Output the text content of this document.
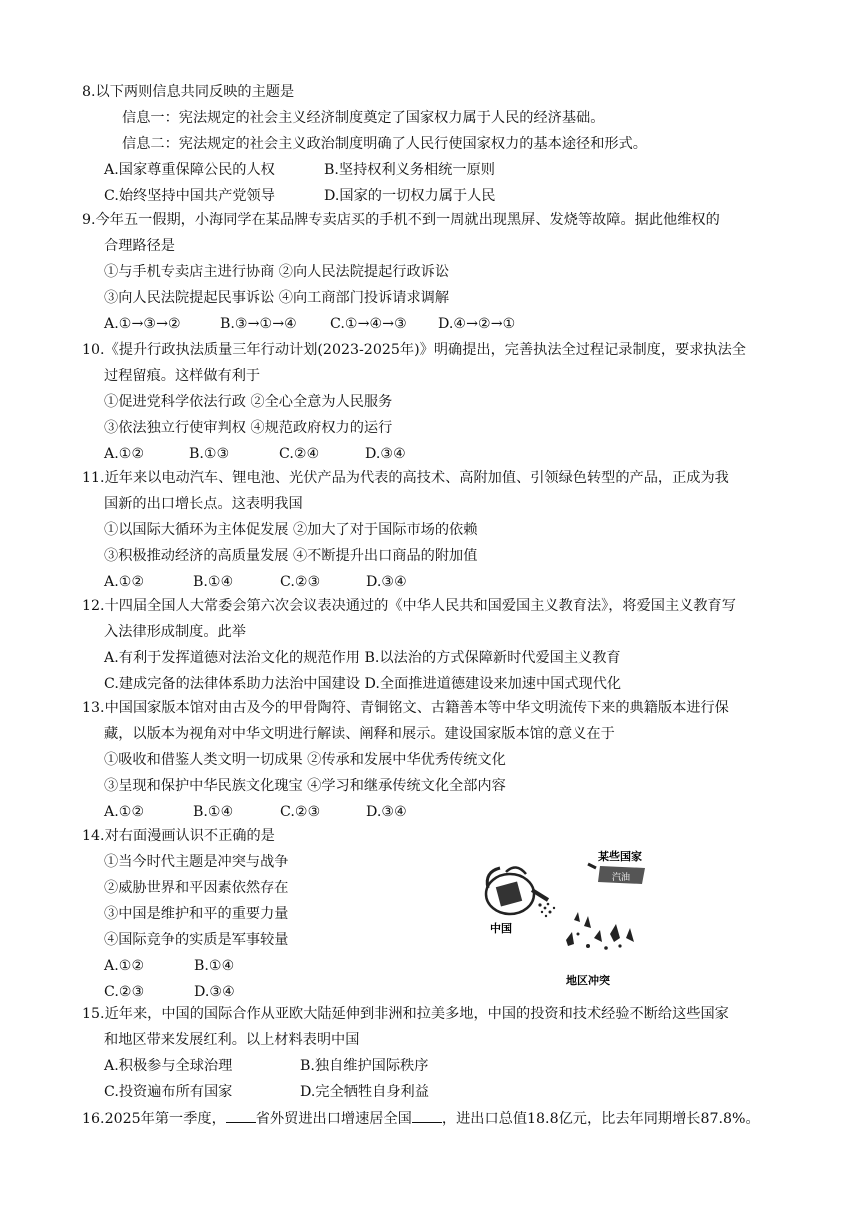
8.以下两则信息共同反映的主题是
信息一：宪法规定的社会主义经济制度奠定了国家权力属于人民的经济基础。
信息二：宪法规定的社会主义政治制度明确了人民行使国家权力的基本途径和形式。
A.国家尊重保障公民的人权	B.坚持权利义务相统一原则
C.始终坚持中国共产党领导	D.国家的一切权力属于人民
9.今年五一假期，小海同学在某品牌专卖店买的手机不到一周就出现黑屏、发烧等故障。据此他维权的
合理路径是
①与手机专卖店主进行协商 ②向人民法院提起行政诉讼
③向人民法院提起民事诉讼 ④向工商部门投诉请求调解
A.①→③→②	B.③→①→④ C.①→④→③ D.④→②→①
10.《提升行政执法质量三年行动计划(2023-2025年)》明确提出，完善执法全过程记录制度，要求执法全
过程留痕。这样做有利于
①促进党科学依法行政 ②全心全意为人民服务
③依法独立行使审判权 ④规范政府权力的运行
A.①②	B.①③	C.②④	D.③④
11.近年来以电动汽车、锂电池、光伏产品为代表的高技术、高附加值、引领绿色转型的产品，正成为我
国新的出口增长点。这表明我国
①以国际大循环为主体促发展 ②加大了对于国际市场的依赖
③积极推动经济的高质量发展 ④不断提升出口商品的附加值
A.①②	B.①④	C.②③	D.③④
12.十四届全国人大常委会第六次会议表决通过的《中华人民共和国爱国主义教育法》，将爱国主义教育写
入法律形成制度。此举
A.有利于发挥道德对法治文化的规范作用 B.以法治的方式保障新时代爱国主义教育
C.建成完备的法律体系助力法治中国建设 D.全面推进道德建设来加速中国式现代化
13.中国国家版本馆对由古及今的甲骨陶符、青铜铭文、古籍善本等中华文明流传下来的典籍版本进行保
藏，以版本为视角对中华文明进行解读、阐释和展示。建设国家版本馆的意义在于
①吸收和借鉴人类文明一切成果 ②传承和发展中华优秀传统文化
③呈现和保护中华民族文化瑰宝 ④学习和继承传统文化全部内容
A.①②	B.①④	C.②③	D.③④
14.对右面漫画认识不正确的是
①当今时代主题是冲突与战争
②威胁世界和平因素依然存在
③中国是维护和平的重要力量
④国际竞争的实质是军事较量
A.①②	B.①④
C.②③	D.③④
中国
某些国家
汽油
地区冲突
15.近年来，中国的国际合作从亚欧大陆延伸到非洲和拉美多地，中国的投资和技术经验不断给这些国家
和地区带来发展红利。以上材料表明中国
A.积极参与全球治理	B.独自维护国际秩序
C.投资遍布所有国家	D.完全牺牲自身利益
16.2025年第一季度， 省外贸进出口增速居全国 ，进出口总值18.8亿元，比去年同期增长87.8%。
